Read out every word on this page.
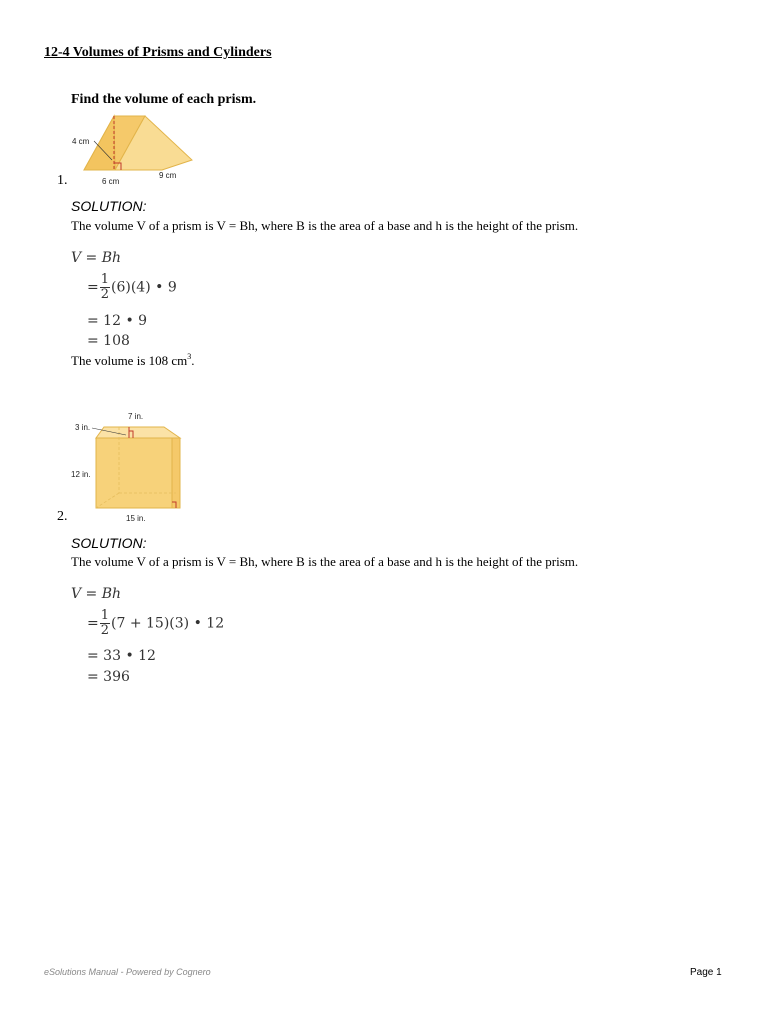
12-4 Volumes of Prisms and Cylinders
Find the volume of each prism.
4 cm
6 cm
9 cm
1.
SOLUTION:
The volume V of a prism is V = Bh, where B is the area of a base and h is the height of the prism.
V = Bh
= $\frac{1}{2} (6)(4)$ • 9
= 12 • 9
= 108
The volume is 108 $cm^3$.
3 in.
7 in.
12 in.
15 in.
2.
SOLUTION:
The volume V of a prism is V = Bh, where B is the area of a base and h is the height of the prism.
V = Bh
= $\frac{1}{2} (7 + 15)(3)$ • 12
= 33 • 12
= 396
eSolutions Manual - Powered by Cognero	Page 1
